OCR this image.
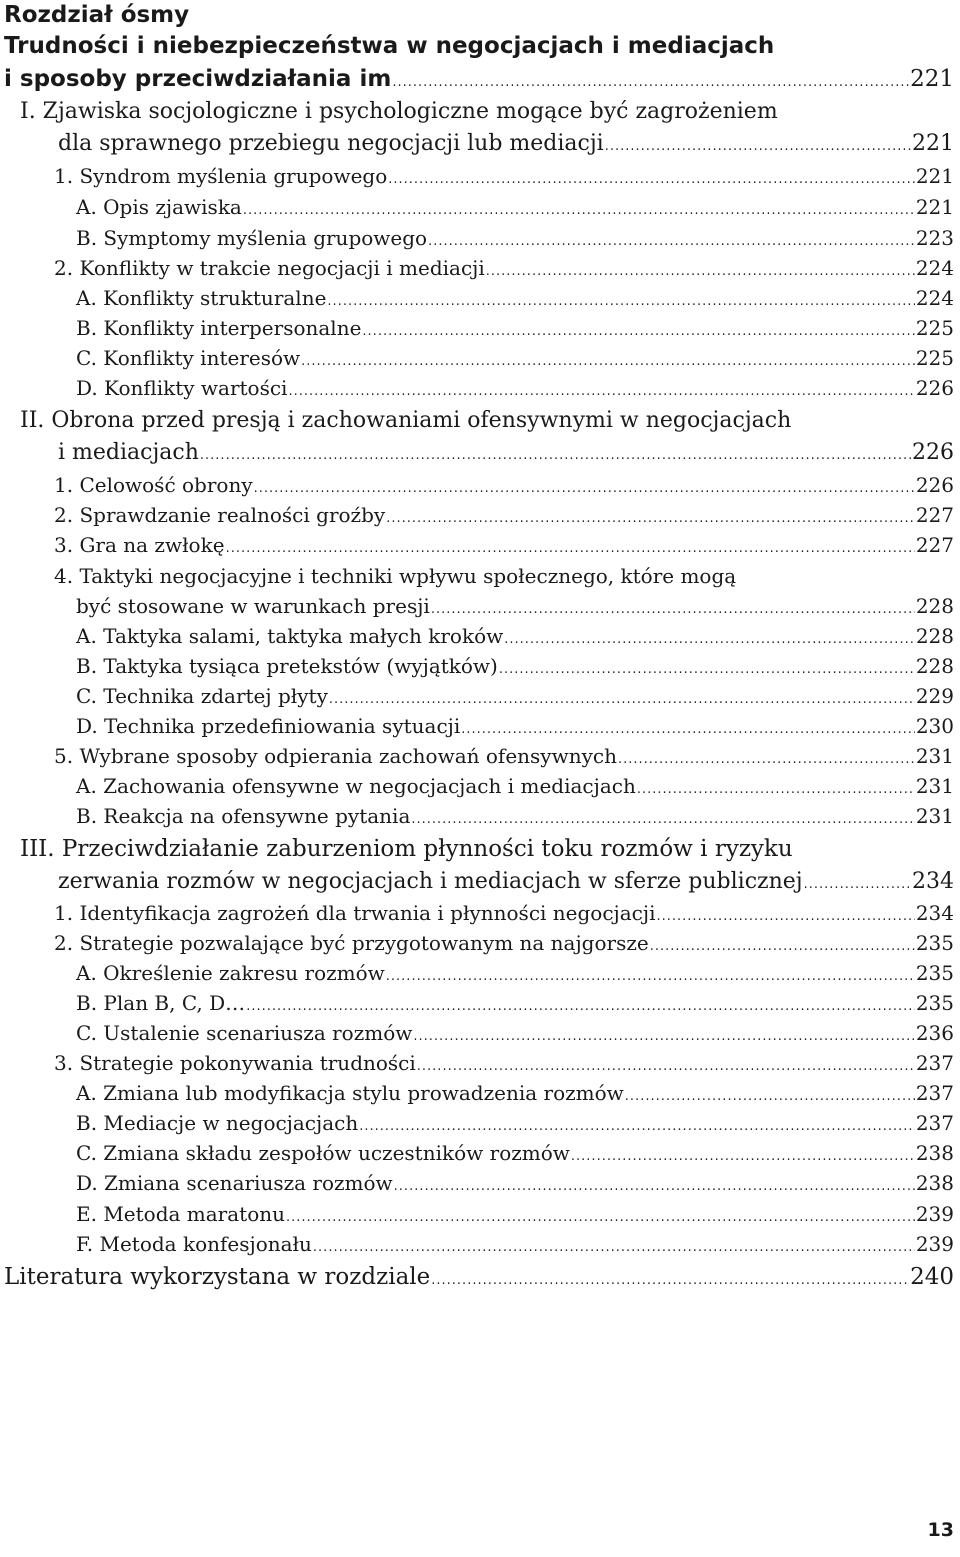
Rozdział ósmy
Trudności i niebezpieczeństwa w negocjacjach i mediacjach
i sposoby przeciwdziałania im .....	221
I. Zjawiska socjologiczne i psychologiczne mogące być zagrożeniem
dla sprawnego przebiegu negocjacji lub mediacji .....	221
1. Syndrom myślenia grupowego .....	221
A. Opis zjawiska .....	221
B. Symptomy myślenia grupowego .....	223
2. Konflikty w trakcie negocjacji i mediacji .....	224
A. Konflikty strukturalne .....	224
B. Konflikty interpersonalne .....	225
C. Konflikty interesów .....	225
D. Konflikty wartości .....	226
II. Obrona przed presją i zachowaniami ofensywnymi w negocjacjach
i mediacjach .....	226
1. Celowość obrony .....	226
2. Sprawdzanie realności groźby .....	227
3. Gra na zwłokę .....	227
4. Taktyki negocjacyjne i techniki wpływu społecznego, które mogą
być stosowane w warunkach presji .....	228
A. Taktyka salami, taktyka małych kroków .....	228
B. Taktyka tysiąca pretekstów (wyjątków) .....	228
C. Technika zdartej płyty .....	229
D. Technika przedefiniowania sytuacji .....	230
5. Wybrane sposoby odpierania zachowań ofensywnych .....	231
A. Zachowania ofensywne w negocjacjach i mediacjach .....	231
B. Reakcja na ofensywne pytania .....	231
III. Przeciwdziałanie zaburzeniom płynności toku rozmów i ryzyku
zerwania rozmów w negocjacjach i mediacjach w sferze publicznej .....	234
1. Identyfikacja zagrożeń dla trwania i płynności negocjacji .....	234
2. Strategie pozwalające być przygotowanym na najgorsze .....	235
A. Określenie zakresu rozmów .....	235
B. Plan B, C, D… .....	235
C. Ustalenie scenariusza rozmów .....	236
3. Strategie pokonywania trudności .....	237
A. Zmiana lub modyfikacja stylu prowadzenia rozmów .....	237
B. Mediacje w negocjacjach .....	237
C. Zmiana składu zespołów uczestników rozmów .....	238
D. Zmiana scenariusza rozmów .....	238
E. Metoda maratonu .....	239
F. Metoda konfesjonału .....	239
Literatura wykorzystana w rozdziale .....	240
13
